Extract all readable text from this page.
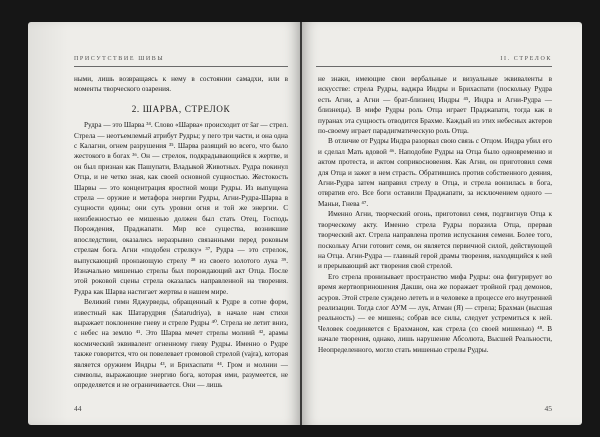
ПРИСУТСТВИЕ ШИВЫ

ными, лишь возвращаясь к нему в состоянии самадхи, или в моменты творческого озарения.

2. ШАРВА, СТРЕЛОК

Рудра — это Шарва ³⁴. Слово «Шарва» происходит от šar — стрел. Стрела — неотъемлемый атрибут Рудры; у пего три части, и она одна с Калагни, огнем разрушения ³⁵. Шарва разящий во всего, что было жестокого в богах ³⁶. Он — стрелок, подкрадывающийся к жертве, и он был признан как Пашупати, Владыкой Животных. Рудра покинул Отца, и не четко зная, как своей основной сущностью. Жестокость Шарвы — это концентрация яростной мощи Рудры. Из выпущена стрела — оружие и метафора энергии Рудры, Агни-Рудра-Шарва в сущности едины; они суть уровни огня и той же энергии. С неизбежностью ее мишенью должен был стать Отец, Господь Порождения, Праджапати. Мир все существа, возникшие впоследствии, оказались неразрывно связанными перед роковым стрелам бога. Агни «подобен стрелку» ³⁷, Рудра — это стрелок, выпускающий пронзающую стрелу ³⁸ из своего золотого лука ³⁹. Изначально мишенью стрелы был порождающий акт Отца. После этой роковой сцены стрела оказалась направленной на творения. Рудра как Шарва настигает жертвы в нашем мире.

Великий гимн Яджурведы, обращенный к Рудре в сотне форм, известный как Шатарудрия (Śatarudriya), в начале нам стихи выражает поклонение гневу и стреле Рудры ⁴⁰. Стрела не летит вниз, с небес на землю ⁴¹. Это Шарва мечет стрелы молний ⁴², арамы космический эквивалент огненному гневу Рудры. Именно о Рудре также говорится, что он повелевает громовой стрелой (vajra), которая является оружием Индры ⁴³, и Брихаспати ⁴⁴. Гром и молнии — символы, выражающие энергию бога, которая ими, разумеется, не определяется и не ограничивается. Они — лишь

44
II. СТРЕЛОК

не знаки, имеющие свои вербальные и визуальные эквиваленты в искусстве: стрела Рудры, ваджра Индры и Брихаспати (поскольку Рудра есть Агни, а Агни — брат-близнец Индры ⁴⁵, Индра и Агни-Рудра — близнецы). В мифе Рудры роль Отца играет Праджапати, тогда как в пуранах эта сущность отводится Брахме. Каждый из этих небесных актеров по-своему играет парадигматическую роль Отца.

В отличие от Рудры Индра разорвал свою связь с Отцом. Индра убил его и сделал Мать вдовой ⁴⁶. Наподобие Рудры на Отца было одновременно и актом протеста, и актом соприкосновения. Как Агни, он приготовил семя для Отца и зажег в нем страсть. Обратившись против собственного деяния, Агни-Рудра затем направил стрелу в Отца, и стрела вонзилась в бога, отвратив его. Все боги оставили Праджапати, за исключением одного — Маньи, Гнева ⁴⁷.

Именно Агни, творческий огонь, приготовил семя, подгвигнув Отца к творческому акту. Именно стрела Рудры поразила Отца, прервав творческий акт. Стрела направлена против испускания семени. Более того, поскольку Агни готовит семя, он является первичной силой, действующей на Отца. Агни-Рудра — главный герой драмы творения, находящийся к ней и прерывающий акт творения свой стрелой.

Его стрела пронизывает пространство мифа Рудры: она фигурирует во время жертвоприношения Дакши, она же поражает тройной град демонов, асуров. Этой стреле суждено лететь и в человеке в процессе его внутренней реализации. Тогда слог АУМ — лук, Атман (Я) — стрела; Брахман (высшая реальность) — ее мишень; собрав все силы, следует устремиться к ней. Человек соединяется с Брахманом, как стрела (со своей мишенью) ⁴⁸. В начале творения, однако, лишь нарушение Абсолюта, Высшей Реальности, Неопределенного, могло стать мишенью стрелы Рудры.

45
